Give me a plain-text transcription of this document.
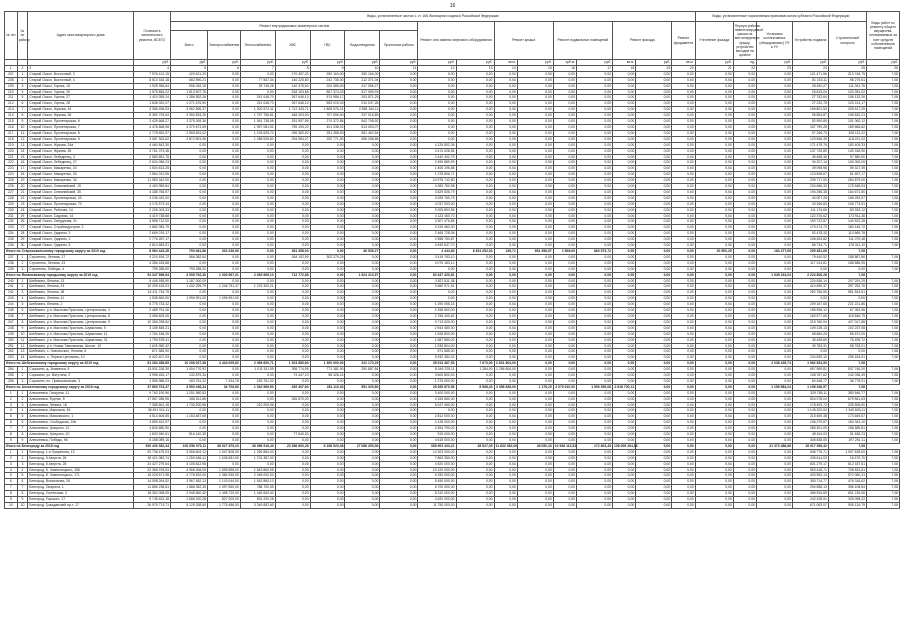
16
№ п/п	№ по району	Адрес многоквартирного дома	Стоимость капитального ремонта, ВСЕГО	Виды, установленные частью 1 ст. 166 Жилищного кодекса Российской Федерации																Виды, установленные нормативным правовым актом субъекта Российской Федерации					Виды работ по ремонту общего имущества, оплачиваемые за счет средств собственников помещений
				Ремонт внутридомовых инженерных систем							Ремонт или замена лифтового оборудования		Ремонт крыши		Ремонт подвальных помещений		Ремонт фасада		Ремонт фундамента	Утепление фасада	Переустройство невентилируемой крыши на вентилируемую крышу, устройство выходов на кровлю	Установка коллективных (общедомовых) ПУ и УУ	Устройство подвала	Строительный контроль	
				Всего	Электроснабжения	Теплоснабжения	ХВС	ГВС	Водоотведения	Проектные работы															
			руб.	руб.	руб.	руб.	руб.	руб.	руб.	руб.	руб.	руб.	кв.м.	руб.	куб.м.	руб.	кв.м.	руб.	кв.м.	руб.	ед.	руб.	руб.	руб.	руб.
1	2	3	4	5	6	7	8	9	10	11	12	13	14	15	16	17	18	19	20	21	22	23	24	25	26
207	1	Старый Оскол, Восточный, 3	7 976 412,15	420 621,20	0,00	0,00	170 457,20	250 164,00	250 164,00	0,00	0,00	0,00	0,00	0,00	0,00	0,00	0,00	0,00	0,00	0,00	0,00	0,00	121 471,56	213 746,75	7,08
208	2	Старый Оскол, Восточный, 4	8 510 316,18	682 890,21	0,00	77 557,34	140 225,80	242 735,00	212 371,04	0,00	0,00	0,00	0,00	0,00	0,00	0,00	0,00	0,00	0,00	0,00	0,00	0,00	81 153,11	98 275,61	7,08
209	3	Старый Оскол, Горняк, 15	1 925 396,64	596 332,15	0,00	25 745,28	140 375,60	204 385,00	247 055,27	0,00	0,00	0,00	0,00	0,00	0,00	0,00	0,00	0,00	0,00	0,00	0,00	0,00	28 450,27	111 041,76	7,08
210	4	Старый Оскол, Горняк, 25	1 975 854,22	1 813 907,76	0,00	0,00	518 153,86	867 374,23	517 069,93	0,00	0,00	0,00	0,00	0,00	0,00	0,00	0,00	0,00	0,00	0,00	0,00	0,00	26 815,04	103 281,02	7,08
211	5	Старый Оскол, Горняк, 27	1 419 359,24	1 286 552,26	0,00	241 048,70	267 646,10	574 986,17	203 871,29	0,00	0,00	0,00	0,00	0,00	0,00	0,00	0,00	0,00	0,00	0,00	0,00	0,00	27 752,64	106 132,26	7,08
212	6	Старый Оскол, Горняк, 28	1 645 022,07	1 271 576,90	0,00	241 048,70	267 646,10	553 015,03	210 037,28	0,00	0,00	0,00	0,00	0,00	0,00	0,00	0,00	0,00	0,00	0,00	0,00	0,00	27 232,78	103 214,17	7,08
213	7	Старый Оскол, Жукова, 34	3 356 496,53	3 062 596,37	0,00	1 302 572,41	1 712 343,71	1 808 976,21	2 558 154,11	0,00	0,00	0,00	0,00	0,00	0,00	0,00	0,00	0,00	0,00	0,00	0,00	0,00	196 801,53	209 517,29	7,08
214	8	Старый Оскол, Жукова, 36	8 390 793,54	3 350 833,25	0,00	1 757 756,81	648 403,00	707 696,00	237 016,89	0,00	0,00	0,00	0,00	0,00	0,00	0,00	0,00	0,00	0,00	0,00	0,00	0,00	96 853,87	196 832,21	7,08
215	9	Старый Оскол, Пролетарская, 6	2 425 668,27	1 375 269,36	0,00	1 061 738,08	251 597,56	274 372,86	542 708,92	0,00	0,00	0,00	0,00	0,00	0,00	0,00	0,00	0,00	0,00	0,00	0,00	0,00	82 590,89	101 062,12	7,08
216	10	Старый Оскол, Пролетарская, 7	4 476 668,06	4 370 673,59	0,00	1 957 081,51	759 194,20	401 038,02	513 003,07	0,00	0,00	0,00	0,00	0,00	0,00	0,00	0,00	0,00	0,00	0,00	0,00	0,00	157 759,28	189 666,82	7,08
217	11	Старый Оскол, Пролетарская, 8	2 778 652,97	2 595 831,02	0,00	1 193 625,70	256 382,92	251 358,93	981 462,54	0,00	0,00	0,00	0,00	0,00	0,00	0,00	0,00	0,00	0,00	0,00	0,00	0,00	97 266,73	108 112,22	7,08
218	12	Старый Оскол, Пролетарская, 9	3 087 302,62	2 872 691,96	0,00	1 268 526,82	294 984,07	292 771,50	558 268,86	0,00	0,00	0,00	0,00	0,00	0,00	0,00	0,00	0,00	0,00	0,00	0,00	0,00	123 546,39	118 221,02	7,08
219	13	Старый Оскол, Жукова, 24а	4 460 842,30	0,00	0,00	0,00	0,00	0,00	0,00	0,00	4 125 802,36	0,00	0,00	0,00	0,00	0,00	0,00	0,00	0,00	0,00	0,00	0,00	171 479,76	183 409,33	7,08
220	14	Старый Оскол, Жукова, 36	3 761 073,36	0,00	0,00	0,00	0,00	0,00	0,00	0,00	3 474 028,55	0,00	0,00	0,00	0,00	0,00	0,00	0,00	0,00	0,00	0,00	0,00	137 725,89	149 318,90	7,08
221	15	Старый Оскол, Лебединец, 3	2 583 651,75	0,00	0,00	0,00	0,00	0,00	0,00	0,00	2 440 302,79	0,00	0,00	0,00	0,00	0,00	0,00	0,00	0,00	0,00	0,00	0,00	45 468,36	97 880,60	7,08
222	16	Старый Оскол, Лебединец, 27	2 634 096,23	0,00	0,00	0,00	0,00	0,00	0,00	0,00	2 499 889,09	0,00	0,00	0,00	0,00	0,00	0,00	0,00	0,00	0,00	0,00	0,00	34 207,14	100 000,00	7,08
223	17	Старый Оскол, Макаренко, 24	1 504 613,25	0,00	0,00	0,00	0,00	0,00	0,00	0,00	1 406 196,88	0,00	0,00	0,00	0,00	0,00	0,00	0,00	0,00	0,00	0,00	0,00	39 098,98	59 317,39	7,08
224	18	Старый Оскол, Макаренко, 33	1 564 012,55	0,00	0,00	0,00	0,00	0,00	0,00	0,00	1 378 806,71	0,00	0,00	0,00	0,00	0,00	0,00	0,00	0,00	0,00	0,00	0,00	123 508,67	61 697,17	7,08
225	19	Старый Оскол, Макаренко, 34	11 983 342,00	0,00	0,00	0,00	0,00	0,00	0,00	0,00	10 978 742,80	0,00	0,00	0,00	0,00	0,00	0,00	0,00	0,00	0,00	0,00	0,00	239 717,00	264 879,00	7,08
226	20	Старый Оскол, Олимпийский, 15	4 493 955,84	0,00	0,00	0,00	0,00	0,00	0,00	0,00	4 083 750,98	0,00	0,00	0,00	0,00	0,00	0,00	0,00	0,00	0,00	0,00	0,00	234 656,33	175 548,53	7,08
227	21	Старый Оскол, Олимпийский, 35	4 188 766,97	0,00	0,00	0,00	0,00	0,00	0,00	0,00	3 829 836,79	0,00	0,00	0,00	0,00	0,00	0,00	0,00	0,00	0,00	0,00	0,00	194 258,38	164 671,80	7,08
228	22	Старый Оскол, Пролетарская, 20	4 236 022,00	0,00	0,00	0,00	0,00	0,00	0,00	0,00	4 025 760,75	0,00	0,00	0,00	0,00	0,00	0,00	0,00	0,00	0,00	0,00	0,00	44 007,28	166 253,97	7,08
229	23	Старый Оскол, Пролетарская, 70	4 176 573,34	0,00	0,00	0,00	0,00	0,00	0,00	0,00	4 037 533,00	0,00	0,00	0,00	0,00	0,00	0,00	0,00	0,00	0,00	0,00	0,00	33 266,83	105 773,51	7,08
230	24	Старый Оскол, Рабочая, 14	2 205 003,33	0,00	0,00	0,00	0,00	0,00	0,00	0,00	2 009 893,55	0,00	0,00	0,00	0,00	0,00	0,00	0,00	0,00	0,00	0,00	0,00	111 176,66	83 933,12	7,08
231	25	Старый Оскол, Садовая, 14	4 419 738,68	0,00	0,00	0,00	0,00	0,00	0,00	0,00	4 123 450,70	0,00	0,00	0,00	0,00	0,00	0,00	0,00	0,00	0,00	0,00	0,00	122 376,62	173 911,36	7,08
232	26	Старый Оскол, Свердлова, 31	3 598 712,00	0,00	0,00	0,00	0,00	0,00	0,00	0,00	3 307 476,85	0,00	0,00	0,00	0,00	0,00	0,00	0,00	0,00	0,00	0,00	0,00	150 712,87	140 522,28	7,08
233	27	Старый Оскол, Стройиндустрии, 2	4 682 083,75	0,00	0,00	0,00	0,00	0,00	0,00	0,00	4 319 463,30	0,00	0,00	0,00	0,00	0,00	0,00	0,00	0,00	0,00	0,00	0,00	179 474,73	183 145,72	7,08
234	28	Старый Оскол, Ударник, 3	2 669 076,17	0,00	0,00	0,00	0,00	0,00	0,00	0,00	2 465 728,06	0,00	0,00	0,00	0,00	0,00	0,00	0,00	0,00	0,00	0,00	0,00	92 478,33	110 869,78	7,08
235	29	Старый Оскол, Ударник, 1	2 776 287,17	0,00	0,00	0,00	0,00	0,00	0,00	0,00	2 558 753,87	0,00	0,00	0,00	0,00	0,00	0,00	0,00	0,00	0,00	0,00	0,00	106 453,82	111 079,48	7,08
236	30	Старый Оскол, Ударник, 5	4 814 683,51	0,00	0,00	0,00	0,00	0,00	0,00	0,00	4 549 637,70	0,00	0,00	0,00	0,00	0,00	0,00	0,00	0,00	0,00	0,00	0,00	86 734,71	178 311,10	7,08
Итого по Старооскольскому городскому округу за 2019 год			8 964 443,28	793 461,86	302 236,90	0,00	361 398,93	0,00	36 535,27	0,00	4 444,80	6 631 252,03	139,71	651 396,57	1 508,00	860 573,72	0,00	0,00	0,00	20 500,25	0,00	183 477,65	205 481,65	7,08	
237	1	Строитель, Ленина, 17	4 224 494,72	566 382,84	0,00	0,00	264 102,59	302 279,25	0,00	0,00	3 419 783,10	0,00	0,00	0,00	0,00	0,00	0,00	0,00	0,00	0,00	0,00	0,00	79 440,92	158 887,86	7,08
238	2	Строитель, Ленина, 23	4 356 183,88	0,00	0,00	0,00	0,00	0,00	0,00	0,00	4 070 183,12	0,00	0,00	0,00	0,00	0,00	0,00	0,00	0,00	0,00	0,00	0,00	117 313,81	168 686,95	7,08
239	3	Строитель, Победы, 4	799 285,00	799 285,00	0,00	0,00	0,00	0,00	0,00	0,00	0,00	0,00	0,00	0,00	0,00	0,00	0,00	0,00	0,00	0,00	0,00	0,00	0,00	0,00	7,08
Итого по Яковлевскому городскому округу за 2019 год			94 347 596,54	4 008 792,30	1 020 567,21	2 052 665,10	712 772,88	0,00	1 524 213,97	0,00	60 437 420,81	0,00	0,00	0,00	0,00	0,00	0,00	0,00	0,00	0,00	0,00	1 945 244,04	2 224 806,28	7,08	
240	1	Шебекино, Ленина, 13	5 446 938,90	1 187 300,09	0,00	0,00	0,00	0,00	0,00	0,00	3 827 811,38	0,00	0,00	0,00	0,00	0,00	0,00	0,00	0,00	0,00	0,00	0,00	224 536,14	207 291,29	7,08
241	2	Шебекино, Ленина, 23	10 295 425,03	1 432 299,79	1 246 751,37	1 476 300,21	0,00	0,00	0,00	0,00	3 560 971,91	0,00	0,00	0,00	0,00	0,00	0,00	0,00	0,00	0,00	0,00	0,00	414 699,37	397 252,76	7,08
242	3	Шебекино, Ленина, 38	14 411 734,79	0,00	0,00	0,00	0,00	0,00	0,00	0,00	0,00	0,00	0,00	0,00	0,00	0,00	0,00	0,00	0,00	0,00	0,00	0,00	282 766,55	551 843,61	7,08
243	4	Шебекино, Ленина, 41	1 538 660,90	1 096 951,00	1 096 951,00	0,00	0,00	0,00	0,00	0,00	0,00	0,00	0,00	0,00	0,00	0,00	0,00	0,00	0,00	0,00	0,00	0,00	0,00	0,00	7,08
244	5	Шебекино, Ленина, 2	5 775 733,42	0,00	0,00	0,00	0,00	0,00	0,00	0,00	1 290 006,16	0,00	0,00	0,00	0,00	0,00	0,00	0,00	0,00	0,00	0,00	0,00	209 187,65	221 221,86	7,08
245	6	Шебекино, р.п. Маслова Пристань, Центральная, 4	2 485 791,26	0,00	0,00	0,00	0,00	0,00	0,00	0,00	2 256 500,00	0,00	0,00	0,00	0,00	0,00	0,00	0,00	0,00	0,00	0,00	0,00	155 908,12	67 052,96	7,08
246	7	Шебекино, р.п. Маслова Пристань, Центральная, 8	3 066 825,06	0,00	0,00	0,00	0,00	0,00	0,00	0,00	2 766 400,62	0,00	0,00	0,00	0,00	0,00	0,00	0,00	0,00	0,00	0,00	0,00	183 577,65	116 846,79	7,08
247	8	Шебекино, р.п. Маслова Пристань, Центральная, 9	10 356 298,82	0,00	0,00	0,00	0,00	0,00	0,00	0,00	9 713 520,00	0,00	0,00	0,00	0,00	0,00	0,00	0,00	0,00	0,00	0,00	0,00	215 760,94	427 017,88	7,08
248	9	Шебекино, р.п. Маслова Пристань, Шумилова, 5	3 155 845,21	0,00	0,00	0,00	0,00	0,00	0,00	0,00	2 944 480,00	0,00	0,00	0,00	0,00	0,00	0,00	0,00	0,00	0,00	0,00	0,00	109 128,13	102 237,08	7,08
249	10	Шебекино, р.п. Маслова Пристань, Шумилова, 11	1 764 156,26	0,00	0,00	0,00	0,00	0,00	0,00	0,00	1 626 800,00	0,00	0,00	0,00	0,00	0,00	0,00	0,00	0,00	0,00	0,00	0,00	68 684,26	68 672,00	7,08
250	11	Шебекино, р.п. Маслова Пристань, Шумилова, 31	1 799 578,41	0,00	0,00	0,00	0,00	0,00	0,00	0,00	1 687 580,00	0,00	0,00	0,00	0,00	0,00	0,00	0,00	0,00	0,00	0,00	0,00	35 498,69	76 499,72	7,08
251	12	Шебекино, р.п. Новая Таволжанка, Шоссе, 10	1 625 350,32	0,00	0,00	0,00	0,00	0,00	0,00	0,00	1 535 804,00	0,00	0,00	0,00	0,00	0,00	0,00	0,00	0,00	0,00	0,00	0,00	30 783,31	58 763,01	7,08
252	13	Шебекино, с. Никольское, Ленина, 6	871 585,00	0,00	0,00	0,00	0,00	0,00	0,00	0,00	871 585,00	0,00	0,00	0,00	0,00	0,00	0,00	0,00	0,00	0,00	0,00	0,00	0,00	0,00	7,08
253	14	Шебекино, с. Первое Цепляево, 10	6 422 407,93	0,00	0,00	0,00	0,00	0,00	0,00	0,00	5 932 384,32	0,00	0,00	0,00	0,00	0,00	0,00	0,00	0,00	0,00	0,00	0,00	234 839,10	255 184,51	7,08
Итого по Шебекинскому городскому округу за 2019 год			61 283 458,65	10 206 027,36	4 434 009,62	2 068 600,71	1 524 880,60	1 300 000,00	241 170,29	0,00	35 913 467,53	7 673,00	2 601 604,00	0,00	0,00	0,00	0,00	0,00	0,00	0,00	0,00	2 038 428,74	1 962 534,53	7,08	
254	1	Сорокино, д. Знаменка, 5	13 931 226,30	1 004 770,92	0,00	1 011 511,55	395 774,95	771 181,90	290 887,84	0,00	8 049 225,11	1 284,00	1 256 806,00	0,00	0,00	0,00	0,00	0,00	0,00	0,00	0,00	0,00	697 959,81	537 746,20	7,08
255	2	Сорокино, ул. Ватутина, 2	3 996 453,17	132 875,34	0,00	0,00	74 447,10	58 428,24	0,00	0,00	3 600 800,00	0,00	0,00	0,00	0,00	0,00	0,00	0,00	0,00	0,00	0,00	0,00	108 767,62	142 036,49	7,08
256	3	Сорокино, пл. Привокзальная, 3	1 555 988,23	183 761,32	7 434,78	183 761,32	0,00	0,00	0,00	0,00	1 275 000,00	0,00	0,00	0,00	0,00	0,00	0,00	0,00	0,00	0,00	0,00	0,00	60 448,77	36 778,91	7,08
Итого по Алексеевскому городскому округу за 2019 год			37 893 703,47	3 550 436,34	34 706,80	1 032 969,50	252 497,60	281 110,30	551 329,80	0,00	25 395 870,56	8 568,43	3 356 826,00	1 178,20	2 070 010,00	1 590 359,08	2 618 700,12	0,00	0,00	0,00	0,00	1 159 584,24	1 196 346,57	7,08	
1	1	Алексеевка, Гагарина, 11	9 763 190,96	1 201 580,83	0,00	0,00	0,00	0,00	0,00	0,00	3 400 000,00	0,00	0,00	0,00	0,00	0,00	0,00	0,00	0,00	0,00	0,00	0,00	329 785,11	380 546,77	7,08
2	2	Алексеевка, Фрунзе, 5	17 567 286,55	266 511,86	0,00	0,00	265 870,00	0,00	0,00	0,00	4 153 560,00	0,00	0,00	0,00	0,00	0,00	0,00	0,00	0,00	0,00	0,00	0,00	524 278,04	679 561,63	7,08
3	3	Алексеевка, Ленина, 18	7 385 661,18	1 733 200,96	0,00	210 200,96	0,00	0,00	0,00	0,00	5 047 460,00	0,00	0,00	0,00	0,00	0,00	0,00	0,00	0,00	0,00	0,00	0,00	178 493,72	226 506,50	7,08
4	4	Алексеевка, Маршала, 45	36 491 011,11	0,00	0,00	0,00	0,00	0,00	0,00	0,00	0,00	0,00	0,00	0,00	0,00	0,00	0,00	0,00	0,00	0,00	0,00	0,00	1 145 202,00	1 345 809,11	7,08
5	5	Алексеевка, Маяковского, 1	4 514 606,65	1 153 487,60	0,00	0,00	0,00	0,00	0,00	0,00	2 812 000,00	0,00	0,00	0,00	0,00	0,00	0,00	0,00	0,00	0,00	0,00	0,00	215 469,38	173 649,67	7,08
6	6	Алексеевка, Слободская, 10в	4 559 622,97	0,00	0,00	0,00	0,00	0,00	0,00	0,00	4 128 000,00	0,00	0,00	0,00	0,00	0,00	0,00	0,00	0,00	0,00	0,00	0,00	246 279,87	183 343,10	7,08
7	7	Алексеевка, Урицкого, 12	4 826 680,90	0,00	0,00	0,00	0,00	0,00	0,00	0,00	4 354 790,00	0,00	0,00	0,00	0,00	0,00	0,00	0,00	0,00	0,00	0,00	0,00	285 301,09	186 589,81	7,08
8	8	Алексеевка, Урицкого, 20	1 830 940,61	816 140,35	0,00	0,00	77 640,00	0,00	0,00	0,00	915 000,00	0,00	0,00	0,00	0,00	0,00	0,00	0,00	0,00	0,00	0,00	0,00	48 164,03	51 636,23	7,08
9	9	Алексеевка, Победы, 96	5 158 089,16	0,00	0,00	0,00	0,00	0,00	0,00	0,00	4 615 000,00	0,00	0,00	0,00	0,00	0,00	0,00	0,00	0,00	0,00	0,00	0,00	345 838,05	197 251,11	7,08
Итого по Белгороду за 2019 год			920 430 382,34	100 056 070,11	48 927 879,23	36 396 916,40	20 386 600,26	6 198 523,08	27 068 250,06	0,00	358 903 433,21	38 527,05	11 832 082,00	49 050,33	10 548 113,51	172 603,45	108 009 264,18	0,00	0,00	0,00	0,00	21 373 388,68	18 917 356,42	7,08	
1	1	Белгород, 1-я Приречная, 13	25 736 479,03	3 068 604,12	1 047 808,00	1 269 860,00	0,00	0,00	0,00	0,00	14 203 000,00	0,00	0,00	0,00	0,00	0,00	0,00	0,00	0,00	0,00	0,00	0,00	546 775,71	1 007 618,00	7,08
2	2	Белгород, 5 Августа, 26	18 421 083,74	1 250 636,41	1 036 581,00	1 724 387,00	0,00	0,00	0,00	0,00	7 863 350,00	0,00	0,00	0,00	0,00	0,00	0,00	0,00	0,00	0,00	0,00	0,00	436 614,03	16 470,70	7,08
3	3	Белгород, 5 Августа, 28	24 427 279,64	4 105 812,96	0,00	0,00	0,00	0,00	0,00	0,00	4 520 000,00	0,00	0,00	0,00	0,00	0,00	0,00	0,00	0,00	0,00	0,00	0,00	601 279,17	612 187,51	7,08
4	4	Белгород, Б. Хмельницкого, 156	22 358 378,53	4 958 308,05	1 595 588,00	1 843 860,05	0,00	0,00	0,00	0,00	10 120 000,00	0,00	0,00	0,00	0,00	0,00	0,00	0,00	0,00	0,00	0,00	0,00	553 418,71	708 831,81	7,08
5	5	Белгород, Б. Хмельницкого, 171	16 225 671,98	4 776 832,00	1 384 050,00	2 048 000,00	0,00	0,00	0,00	0,00	6 250 000,00	0,00	0,00	0,00	0,00	0,00	0,00	0,00	0,00	0,00	0,00	0,00	403 553,13	572 080,31	7,08
6	6	Белгород, Вокзальная, 26	14 098 264,52	3 967 482,13	1 143 044,00	1 543 860,13	0,00	0,00	0,00	0,00	5 450 000,00	0,00	0,00	0,00	0,00	0,00	0,00	0,00	0,00	0,00	0,00	0,00	350 714,77	476 318,62	7,08
7	7	Белгород, Гагарина, 1	11 856 238,81	1 886 352,35	1 097 560,00	788 792,35	0,00	0,00	0,00	0,00	6 700 000,00	0,00	0,00	0,00	0,00	0,00	0,00	0,00	0,00	0,00	0,00	0,00	294 858,13	396 108,84	7,08
8	8	Белгород, Гостенская, 2	18 352 008,05	2 945 560,40	1 498 720,00	1 446 840,40	0,00	0,00	0,00	0,00	8 310 000,00	0,00	0,00	0,00	0,00	0,00	0,00	0,00	0,00	0,00	0,00	0,00	456 534,69	601 215,06	7,08
9	9	Белгород, Горького, 17	9 745 622,18	1 658 200,28	827 000,00	831 200,28	0,00	0,00	0,00	0,00	4 620 000,00	0,00	0,00	0,00	0,00	0,00	0,00	0,00	0,00	0,00	0,00	0,00	242 428,91	326 098,22	7,08
10	10	Белгород, Гражданский пр-т, 17	26 975 774,71	5 125 338,60	1 775 486,00	3 349 852,60	0,00	0,00	0,00	0,00	11 750 000,00	0,00	0,00	0,00	0,00	0,00	0,00	0,00	0,00	0,00	0,00	0,00	671 063,07	905 124,79	7,08
